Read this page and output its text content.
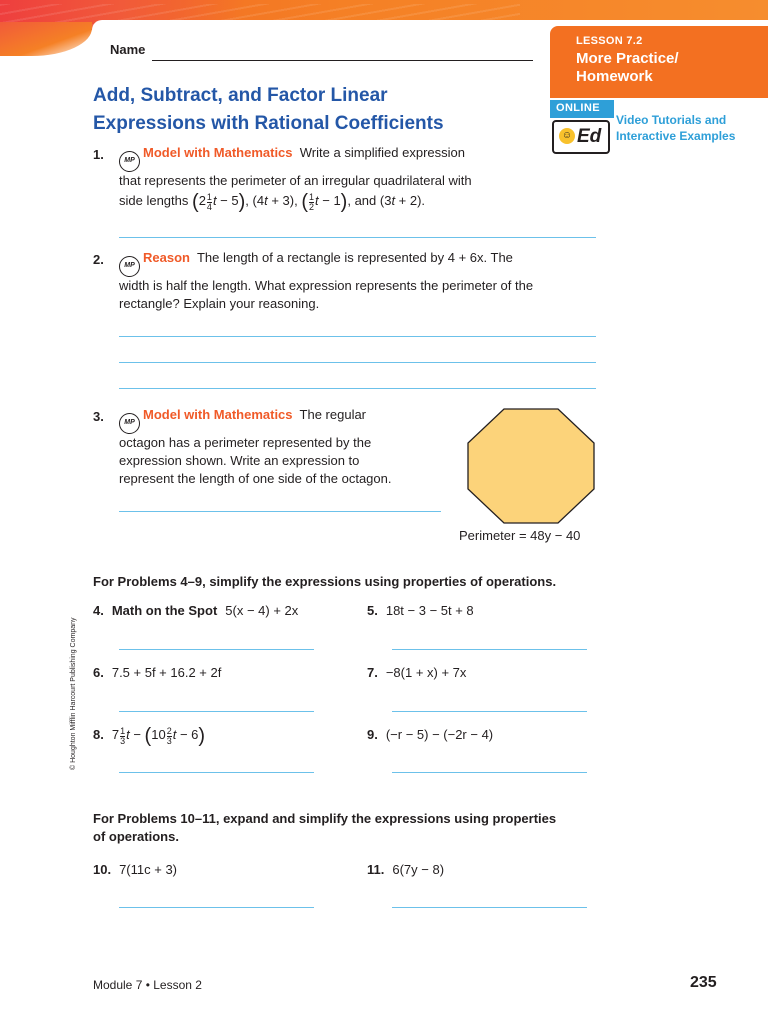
LESSON 7.2
More Practice/
Homework
ONLINE
☺ Ed
Video Tutorials and
Interactive Examples
Name
Add, Subtract, and Factor Linear
Expressions with Rational Coefficients
1.	MPModel with Mathematics Write a simplified expression
that represents the perimeter of an irregular quadrilateral with
side lengths ($2 \frac{1}{4}$ t − 5), (4t + 3), ( $\frac{1}{2}$ t − 1), and (3t + 2).
2.	MPReason The length of a rectangle is represented by 4 + 6x. The
width is half the length. What expression represents the perimeter of the
rectangle? Explain your reasoning.
3.	MPModel with Mathematics The regular
octagon has a perimeter represented by the
expression shown. Write an expression to
represent the length of one side of the octagon.
Perimeter = 48y − 40
For Problems 4–9, simplify the expressions using properties of operations.
4. Math on the Spot 5(x − 4) + 2x	5. 18t − 3 − 5t + 8
6. 7.5 + 5f + 16.2 + 2f	7. −8(1 + x) + 7x
8. $7 \frac{1}{3}$ $t - (10 \frac{2}{3}$ t − 6)	9. (−r − 5) − (−2r − 4)
For Problems 10–11, expand and simplify the expressions using properties
of operations.
10. 7(11c + 3)	11. 6(7y − 8)
© Houghton Mifflin Harcourt Publishing Company
Module 7 • Lesson 2	235
